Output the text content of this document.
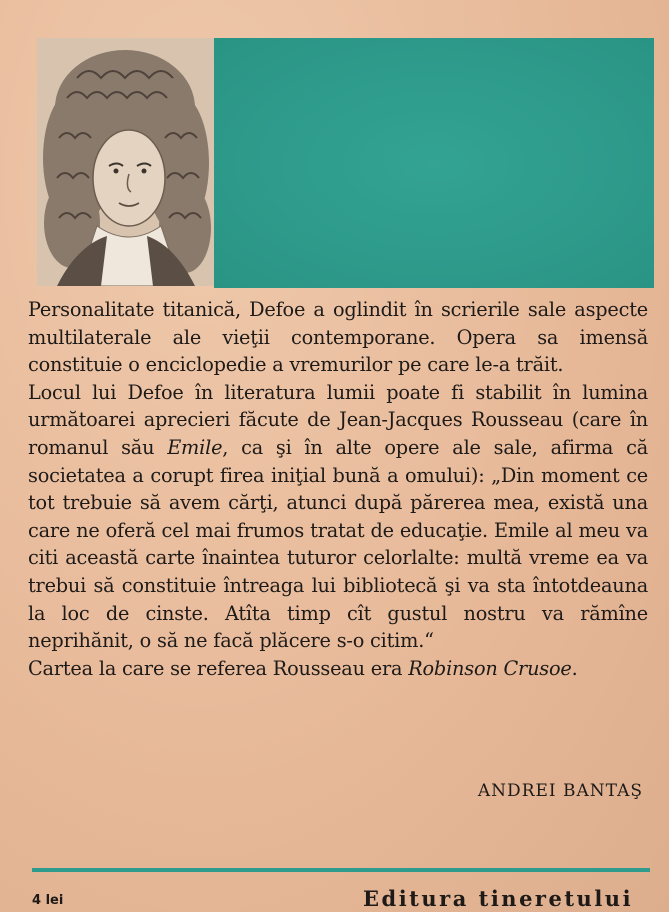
Personalitate titanică, Defoe a oglindit în scrierile sale aspecte multilaterale ale vieţii contemporane. Opera sa imensă constituie o enciclopedie a vremurilor pe care le-a trăit.

Locul lui Defoe în literatura lumii poate fi stabilit în lumina următoarei aprecieri făcute de Jean-Jacques Rousseau (care în romanul său Emile, ca şi în alte opere ale sale, afirma că societatea a corupt firea iniţial bună a omului): „Din moment ce tot trebuie să avem cărţi, atunci după părerea mea, există una care ne oferă cel mai frumos tratat de educaţie. Emile al meu va citi această carte înaintea tuturor celorlalte: multă vreme ea va trebui să constituie întreaga lui bibliotecă şi va sta întotdeauna la loc de cinste. Atîta timp cît gustul nostru va rămîne neprihănit, o să ne facă plăcere s-o citim.“

Cartea la care se referea Rousseau era Robinson Crusoe.

ANDREI BANTAŞ
4 lei	Editura tineretului
